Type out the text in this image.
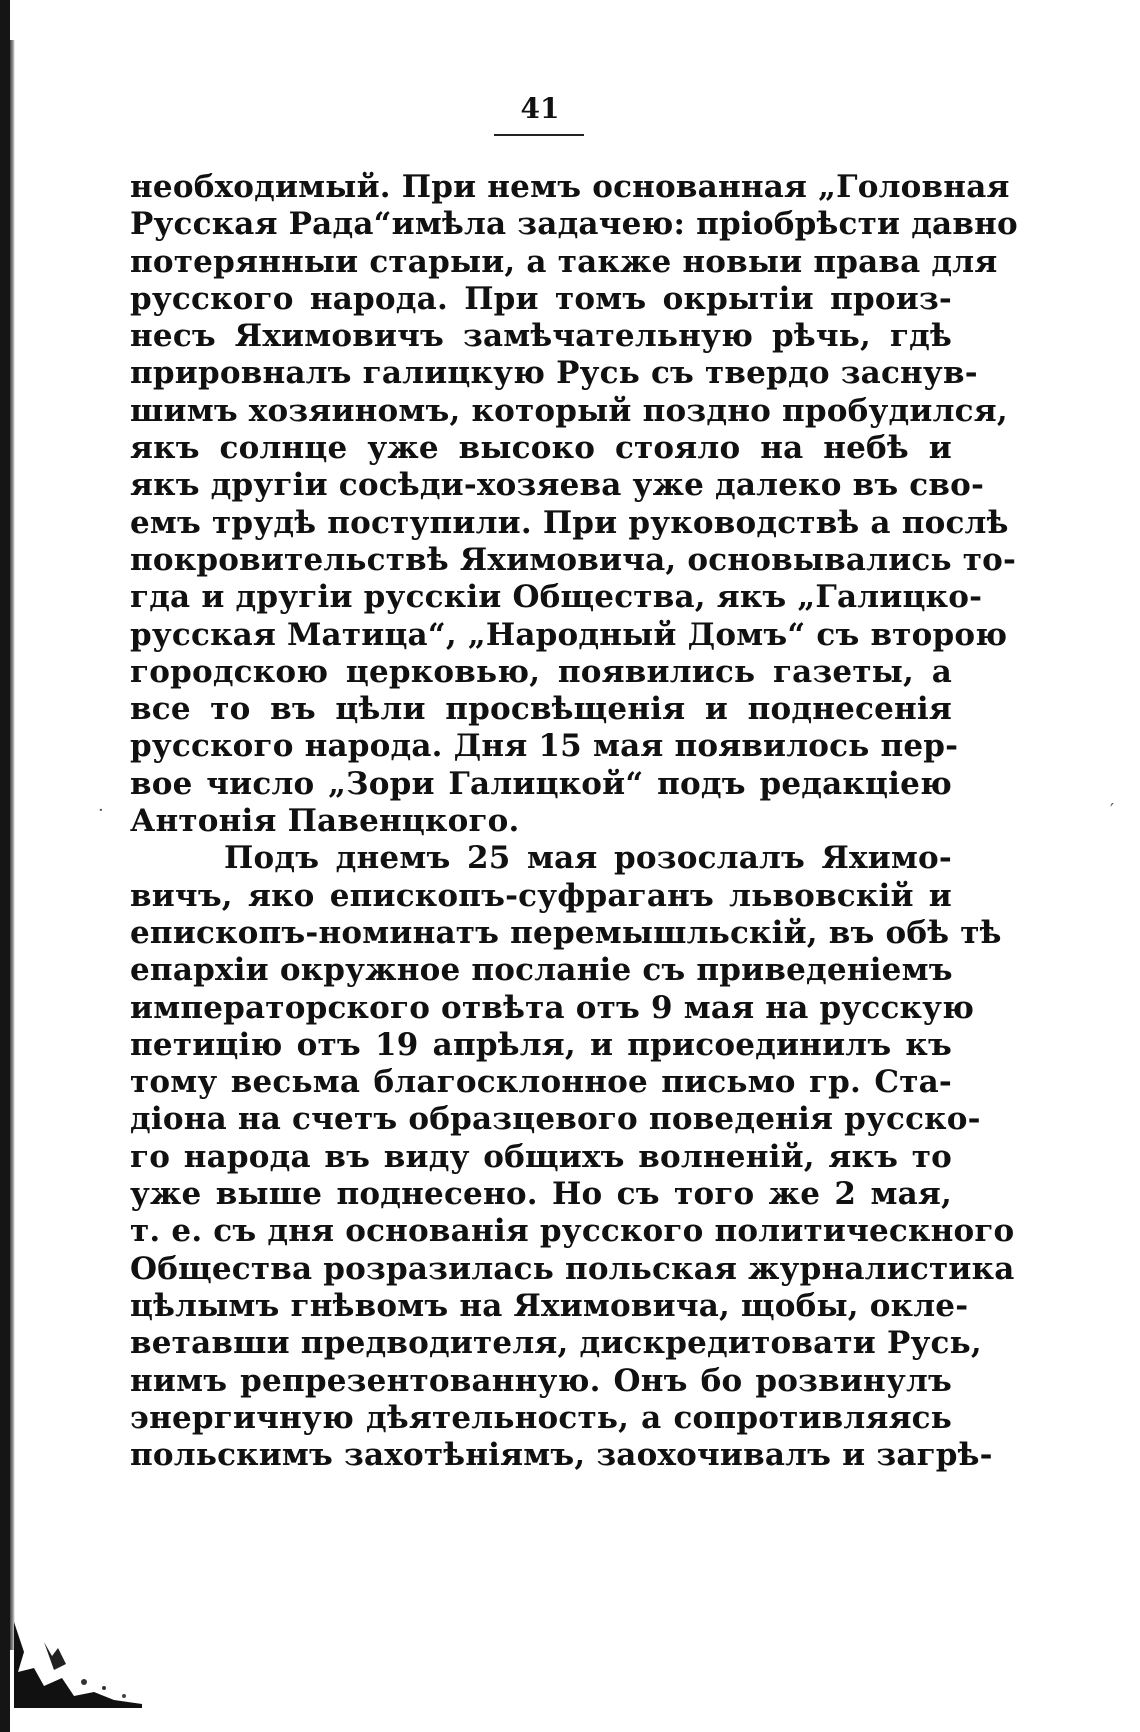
41
необходимый. При немъ основанная „Головная
Русская Рада“имѣла задачею: пріобрѣсти давно
потерянныи старыи, а также новыи права для
русского народа. При томъ окрытіи произ-
несъ Яхимовичъ замѣчательную рѣчь, гдѣ
прировналъ галицкую Русь съ твердо заснув-
шимъ хозяиномъ, который поздно пробудился,
якъ солнце уже высоко стояло на небѣ и
якъ другіи сосѣди-хозяева уже далеко въ сво-
емъ трудѣ поступили. При руководствѣ а послѣ
покровительствѣ Яхимовича, основывались то-
гда и другіи русскіи Общества, якъ „Галицко-
русская Матица“, „Народный Домъ“ съ второю
городскою церковью, появились газеты, а
все то въ цѣли просвѣщенія и поднесенія
русского народа. Дня 15 мая появилось пер-
вое число „Зори Галицкой“ подъ редакціею
Антонія Павенцкого.
Подъ днемъ 25 мая розослалъ Яхимо-
вичъ, яко епископъ-суфраганъ львовскій и
епископъ-номинатъ перемышльскій, въ обѣ тѣ
епархіи окружное посланіе съ приведеніемъ
императорского отвѣта отъ 9 мая на русскую
петицію отъ 19 апрѣля, и присоединилъ къ
тому весьма благосклонное письмо гр. Ста-
діона на счетъ образцевого поведенія русско-
го народа въ виду общихъ волненій, якъ то
уже выше поднесено. Но съ того же 2 мая,
т. е. съ дня основанія русского политическного
Общества розразилась польская журналистика
цѣлымъ гнѣвомъ на Яхимовича, щобы, окле-
ветавши предводителя, дискредитовати Русь,
нимъ репрезентованную. Онъ бо розвинулъ
энергичную дѣятельность, а сопротивляясь
польскимъ захотѣніямъ, заохочивалъ и загрѣ-
·	′
